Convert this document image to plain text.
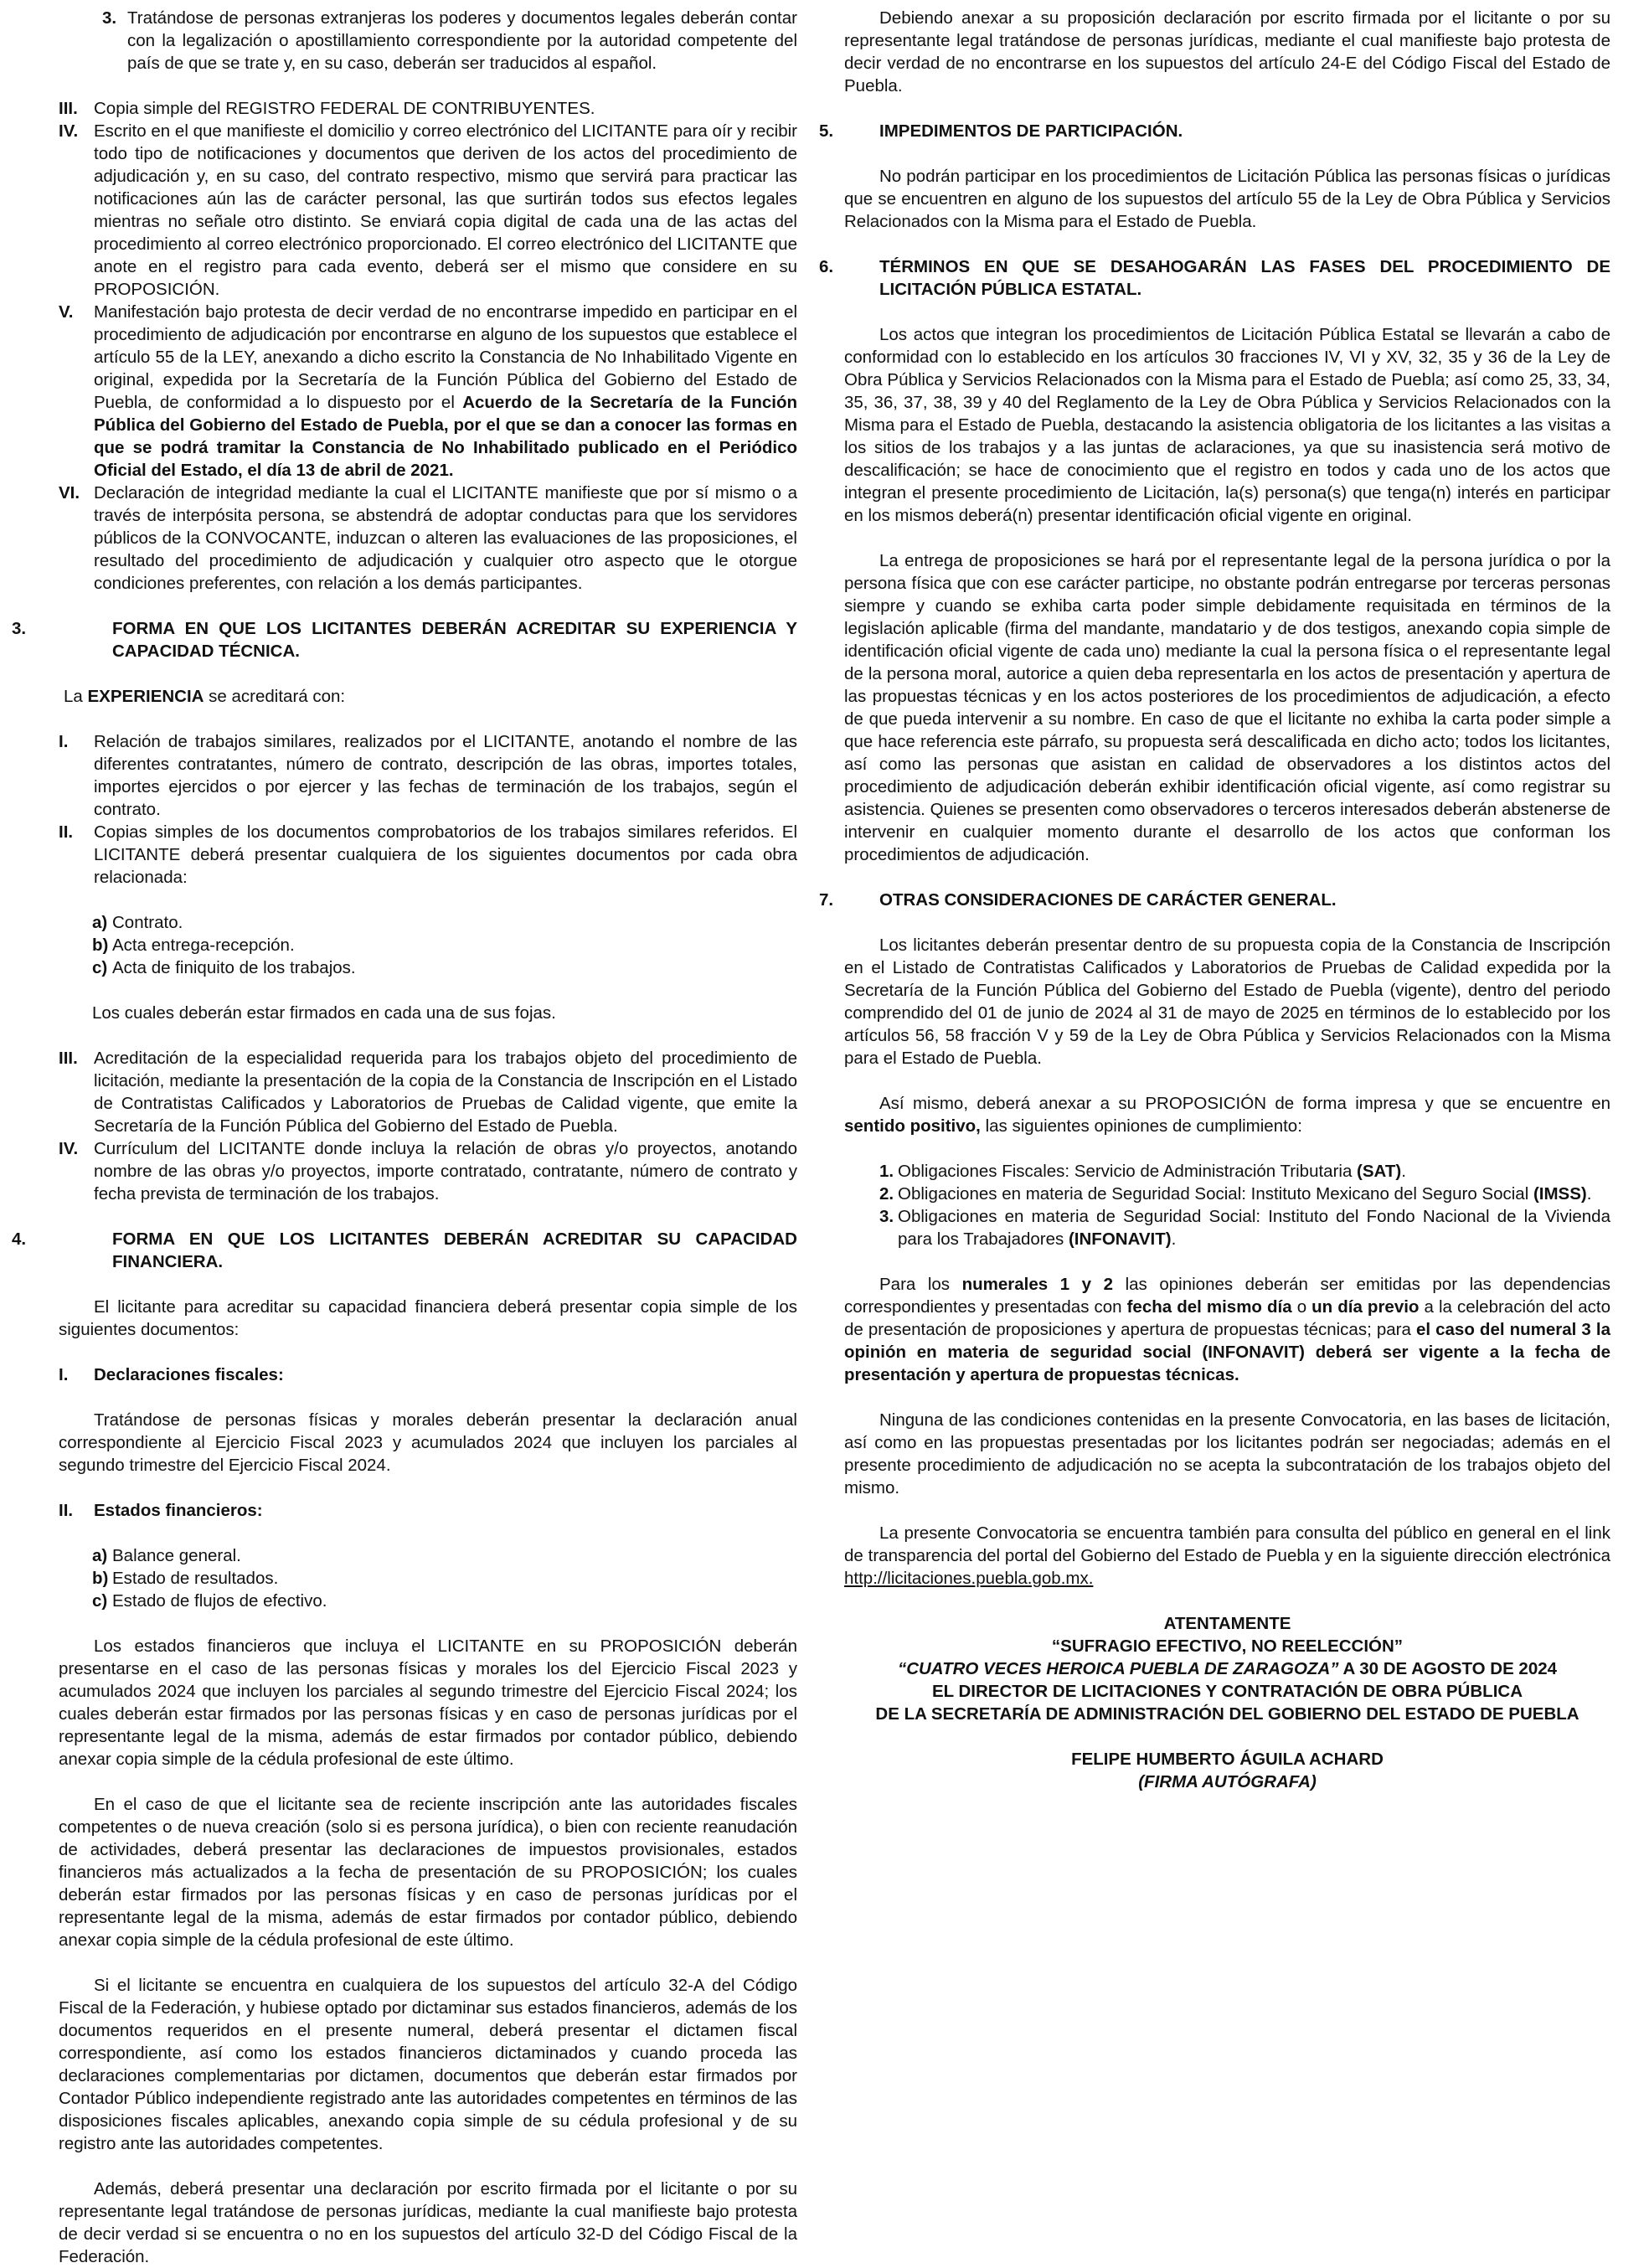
3. Tratándose de personas extranjeras los poderes y documentos legales deberán contar con la legalización o apostillamiento correspondiente por la autoridad competente del país de que se trate y, en su caso, deberán ser traducidos al español.
III. Copia simple del REGISTRO FEDERAL DE CONTRIBUYENTES.
IV. Escrito en el que manifieste el domicilio y correo electrónico del LICITANTE para oír y recibir todo tipo de notificaciones y documentos que deriven de los actos del procedimiento de adjudicación y, en su caso, del contrato respectivo, mismo que servirá para practicar las notificaciones aún las de carácter personal, las que surtirán todos sus efectos legales mientras no señale otro distinto. Se enviará copia digital de cada una de las actas del procedimiento al correo electrónico proporcionado. El correo electrónico del LICITANTE que anote en el registro para cada evento, deberá ser el mismo que considere en su PROPOSICIÓN.
V.	Manifestación bajo protesta de decir verdad de no encontrarse impedido en participar en el procedimiento de adjudicación por encontrarse en alguno de los supuestos que establece el artículo 55 de la LEY, anexando a dicho escrito la Constancia de No Inhabilitado Vigente en original, expedida por la Secretaría de la Función Pública del Gobierno del Estado de Puebla, de conformidad a lo dispuesto por el Acuerdo de la Secretaría de la Función Pública del Gobierno del Estado de Puebla, por el que se dan a conocer las formas en que se podrá tramitar la Constancia de No Inhabilitado publicado en el Periódico Oficial del Estado, el día 13 de abril de 2021.
VI. Declaración de integridad mediante la cual el LICITANTE manifieste que por sí mismo o a través de interpósita persona, se abstendrá de adoptar conductas para que los servidores públicos de la CONVOCANTE, induzcan o alteren las evaluaciones de las proposiciones, el resultado del procedimiento de adjudicación y cualquier otro aspecto que le otorgue condiciones preferentes, con relación a los demás participantes.
3.	FORMA EN QUE LOS LICITANTES DEBERÁN ACREDITAR SU EXPERIENCIA Y CAPACIDAD TÉCNICA.

La EXPERIENCIA se acreditará con:

I.	Relación de trabajos similares, realizados por el LICITANTE, anotando el nombre de las diferentes contratantes, número de contrato, descripción de las obras, importes totales, importes ejercidos o por ejercer y las fechas de terminación de los trabajos, según el contrato.
II.	Copias simples de los documentos comprobatorios de los trabajos similares referidos. El LICITANTE deberá presentar cualquiera de los siguientes documentos por cada obra relacionada:
a) Contrato.
b) Acta entrega-recepción.
c) Acta de finiquito de los trabajos.

Los cuales deberán estar firmados en cada una de sus fojas.

III. Acreditación de la especialidad requerida para los trabajos objeto del procedimiento de licitación, mediante la presentación de la copia de la Constancia de Inscripción en el Listado de Contratistas Calificados y Laboratorios de Pruebas de Calidad vigente, que emite la Secretaría de la Función Pública del Gobierno del Estado de Puebla.
IV. Currículum del LICITANTE donde incluya la relación de obras y/o proyectos, anotando nombre de las obras y/o proyectos, importe contratado, contratante, número de contrato y fecha prevista de terminación de los trabajos.
4.	FORMA EN QUE LOS LICITANTES DEBERÁN ACREDITAR SU CAPACIDAD FINANCIERA.

El licitante para acreditar su capacidad financiera deberá presentar copia simple de los siguientes documentos:

I.	Declaraciones fiscales:

Tratándose de personas físicas y morales deberán presentar la declaración anual correspondiente al Ejercicio Fiscal 2023 y acumulados 2024 que incluyen los parciales al segundo trimestre del Ejercicio Fiscal 2024.

II.	Estados financieros:
a) Balance general.
b) Estado de resultados.
c) Estado de flujos de efectivo.

Los estados financieros que incluya el LICITANTE en su PROPOSICIÓN deberán presentarse en el caso de las personas físicas y morales los del Ejercicio Fiscal 2023 y acumulados 2024 que incluyen los parciales al segundo trimestre del Ejercicio Fiscal 2024; los cuales deberán estar firmados por las personas físicas y en caso de personas jurídicas por el representante legal de la misma, además de estar firmados por contador público, debiendo anexar copia simple de la cédula profesional de este último.

En el caso de que el licitante sea de reciente inscripción ante las autoridades fiscales competentes o de nueva creación (solo si es persona jurídica), o bien con reciente reanudación de actividades, deberá presentar las declaraciones de impuestos provisionales, estados financieros más actualizados a la fecha de presentación de su PROPOSICIÓN; los cuales deberán estar firmados por las personas físicas y en caso de personas jurídicas por el representante legal de la misma, además de estar firmados por contador público, debiendo anexar copia simple de la cédula profesional de este último.

Si el licitante se encuentra en cualquiera de los supuestos del artículo 32-A del Código Fiscal de la Federación, y hubiese optado por dictaminar sus estados financieros, además de los documentos requeridos en el presente numeral, deberá presentar el dictamen fiscal correspondiente, así como los estados financieros dictaminados y cuando proceda las declaraciones complementarias por dictamen, documentos que deberán estar firmados por Contador Público independiente registrado ante las autoridades competentes en términos de las disposiciones fiscales aplicables, anexando copia simple de su cédula profesional y de su registro ante las autoridades competentes.

Además, deberá presentar una declaración por escrito firmada por el licitante o por su representante legal tratándose de personas jurídicas, mediante la cual manifieste bajo protesta de decir verdad si se encuentra o no en los supuestos del artículo 32-D del Código Fiscal de la Federación.

Debiendo anexar a su proposición declaración por escrito firmada por el licitante o por su representante legal tratándose de personas jurídicas, mediante el cual manifieste bajo protesta de decir verdad de no encontrarse en los supuestos del artículo 24-E del Código Fiscal del Estado de Puebla.

5.	IMPEDIMENTOS DE PARTICIPACIÓN.

No podrán participar en los procedimientos de Licitación Pública las personas físicas o jurídicas que se encuentren en alguno de los supuestos del artículo 55 de la Ley de Obra Pública y Servicios Relacionados con la Misma para el Estado de Puebla.

6.	TÉRMINOS EN QUE SE DESAHOGARÁN LAS FASES DEL PROCEDIMIENTO DE LICITACIÓN PÚBLICA ESTATAL.

Los actos que integran los procedimientos de Licitación Pública Estatal se llevarán a cabo de conformidad con lo establecido en los artículos 30 fracciones IV, VI y XV, 32, 35 y 36 de la Ley de Obra Pública y Servicios Relacionados con la Misma para el Estado de Puebla; así como 25, 33, 34, 35, 36, 37, 38, 39 y 40 del Reglamento de la Ley de Obra Pública y Servicios Relacionados con la Misma para el Estado de Puebla, destacando la asistencia obligatoria de los licitantes a las visitas a los sitios de los trabajos y a las juntas de aclaraciones, ya que su inasistencia será motivo de descalificación; se hace de conocimiento que el registro en todos y cada uno de los actos que integran el presente procedimiento de Licitación, la(s) persona(s) que tenga(n) interés en participar en los mismos deberá(n) presentar identificación oficial vigente en original.

La entrega de proposiciones se hará por el representante legal de la persona jurídica o por la persona física que con ese carácter participe, no obstante podrán entregarse por terceras personas siempre y cuando se exhiba carta poder simple debidamente requisitada en términos de la legislación aplicable (firma del mandante, mandatario y de dos testigos, anexando copia simple de identificación oficial vigente de cada uno) mediante la cual la persona física o el representante legal de la persona moral, autorice a quien deba representarla en los actos de presentación y apertura de las propuestas técnicas y en los actos posteriores de los procedimientos de adjudicación, a efecto de que pueda intervenir a su nombre. En caso de que el licitante no exhiba la carta poder simple a que hace referencia este párrafo, su propuesta será descalificada en dicho acto; todos los licitantes, así como las personas que asistan en calidad de observadores a los distintos actos del procedimiento de adjudicación deberán exhibir identificación oficial vigente, así como registrar su asistencia. Quienes se presenten como observadores o terceros interesados deberán abstenerse de intervenir en cualquier momento durante el desarrollo de los actos que conforman los procedimientos de adjudicación.

7.	OTRAS CONSIDERACIONES DE CARÁCTER GENERAL.

Los licitantes deberán presentar dentro de su propuesta copia de la Constancia de Inscripción en el Listado de Contratistas Calificados y Laboratorios de Pruebas de Calidad expedida por la Secretaría de la Función Pública del Gobierno del Estado de Puebla (vigente), dentro del periodo comprendido del 01 de junio de 2024 al 31 de mayo de 2025 en términos de lo establecido por los artículos 56, 58 fracción V y 59 de la Ley de Obra Pública y Servicios Relacionados con la Misma para el Estado de Puebla.

Así mismo, deberá anexar a su PROPOSICIÓN de forma impresa y que se encuentre en sentido positivo, las siguientes opiniones de cumplimiento:

1. Obligaciones Fiscales: Servicio de Administración Tributaria (SAT).
2. Obligaciones en materia de Seguridad Social: Instituto Mexicano del Seguro Social (IMSS).
3. Obligaciones en materia de Seguridad Social: Instituto del Fondo Nacional de la Vivienda para los Trabajadores (INFONAVIT).

Para los numerales 1 y 2 las opiniones deberán ser emitidas por las dependencias correspondientes y presentadas con fecha del mismo día o un día previo a la celebración del acto de presentación de proposiciones y apertura de propuestas técnicas; para el caso del numeral 3 la opinión en materia de seguridad social (INFONAVIT) deberá ser vigente a la fecha de presentación y apertura de propuestas técnicas.

Ninguna de las condiciones contenidas en la presente Convocatoria, en las bases de licitación, así como en las propuestas presentadas por los licitantes podrán ser negociadas; además en el presente procedimiento de adjudicación no se acepta la subcontratación de los trabajos objeto del mismo.

La presente Convocatoria se encuentra también para consulta del público en general en el link de transparencia del portal del Gobierno del Estado de Puebla y en la siguiente dirección electrónica http://licitaciones.puebla.gob.mx.

ATENTAMENTE
“SUFRAGIO EFECTIVO, NO REELECCIÓN”
“CUATRO VECES HEROICA PUEBLA DE ZARAGOZA” A 30 DE AGOSTO DE 2024
EL DIRECTOR DE LICITACIONES Y CONTRATACIÓN DE OBRA PÚBLICA
DE LA SECRETARÍA DE ADMINISTRACIÓN DEL GOBIERNO DEL ESTADO DE PUEBLA
FELIPE HUMBERTO ÁGUILA ACHARD
(FIRMA AUTÓGRAFA)
